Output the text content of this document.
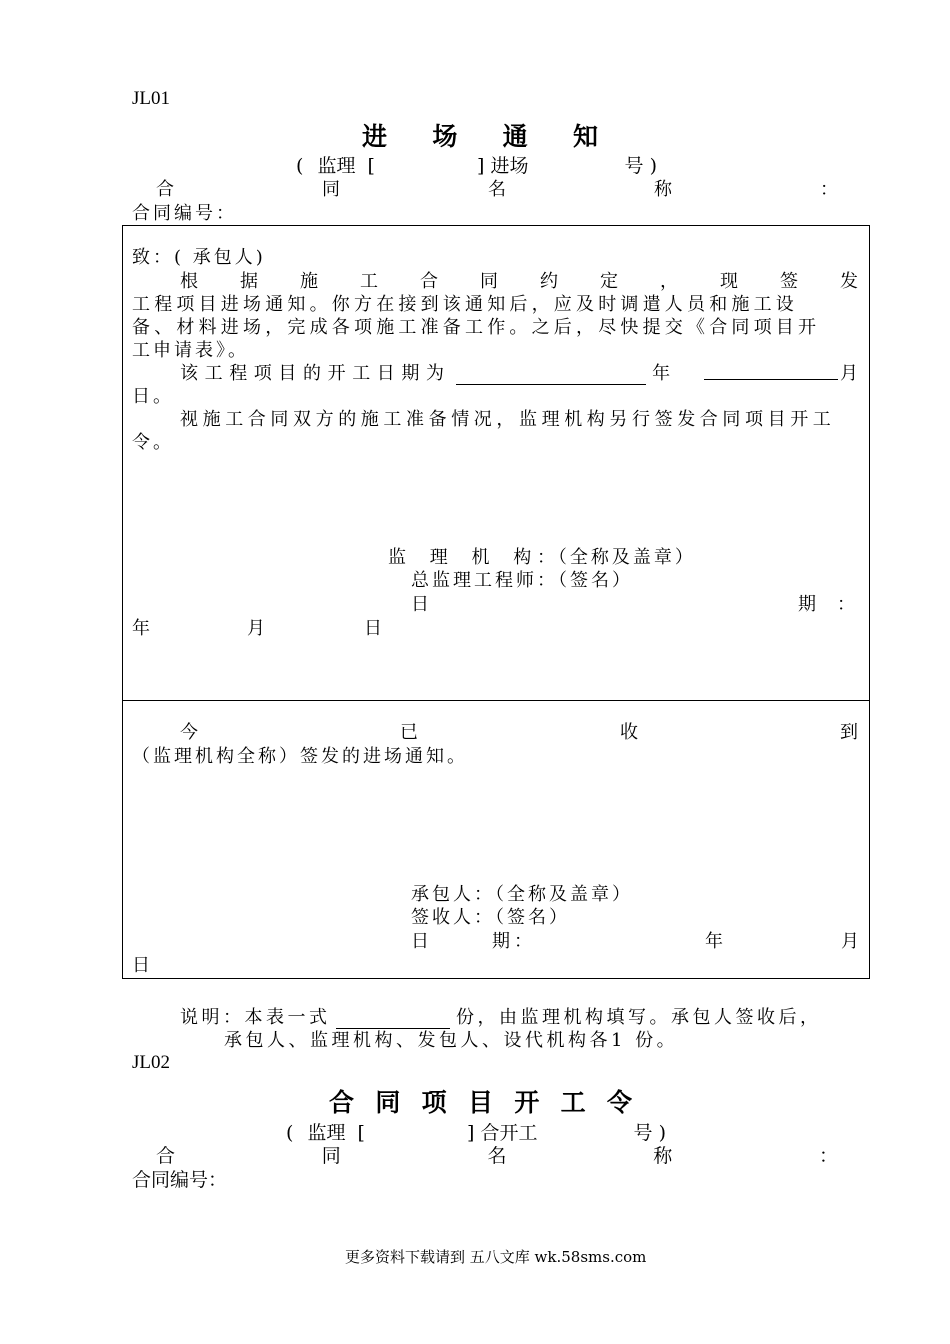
JL01
进 场 通 知
( 监理 [	] 进场	号 )
合	同	名	称	：
合同编号：
致：( 承包人)
根 据 施 工 合 同 约 定 ， 现 签 发
工程项目进场通知。你方在接到该通知后，应及时调遣人员和施工设
备、材料进场，完成各项施工准备工作。之后，尽快提交《合同项目开
工申请表》。
该工程项目的开工日期为	年	月
日。
视施工合同双方的施工准备情况，监理机构另行签发合同项目开工
令。
监 理 机 构 ：（全称及盖章）
总监理工程师：（签名）
日	期 ：
年	月	日
今	已	收	到
（监理机构全称）签发的进场通知。
承包人：（全称及盖章）
签收人：（签名）
日	期：	年	月
日
说明：本表一式	份，由监理机构填写。承包人签收后，
承包人、监理机构、发包人、设代机构各1 份。
JL02
合 同 项 目 开 工 令
( 监理 [	] 合开工	号 )
合	同	名	称	：
合同编号：
更多资料下载请到 五八文库 wk.58sms.com
